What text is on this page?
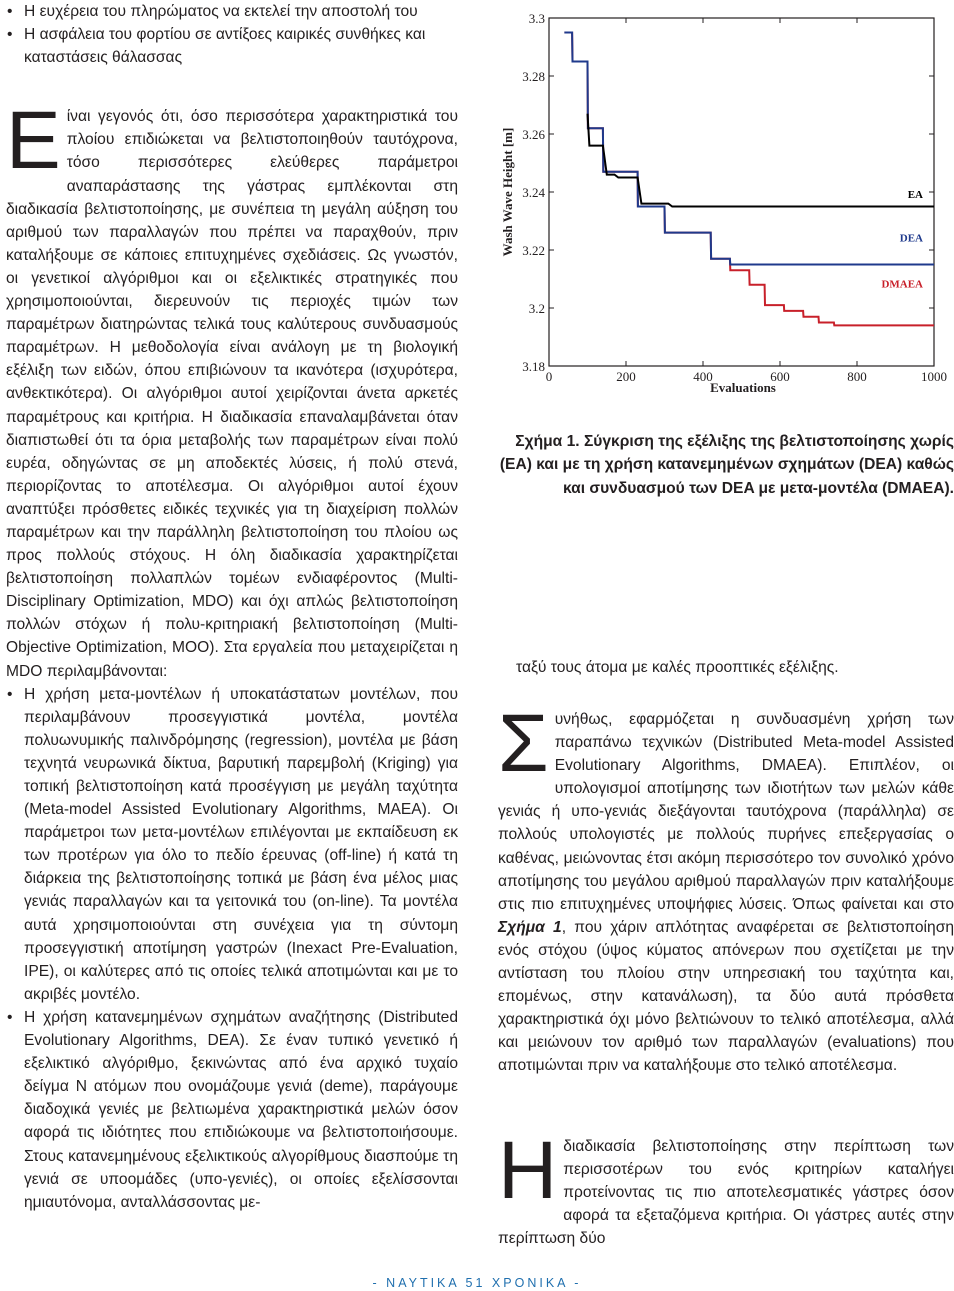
• Η ευχέρεια του πληρώματος να εκτελεί την αποστολή του
• Η ασφάλεια του φορτίου σε αντίξοες καιρικές συνθήκες και καταστάσεις θάλασσας

Είναι γεγονός ότι, όσο περισσότερα χαρακτηριστικά του πλοίου επιδιώκεται να βελτιστοποιηθούν ταυτόχρονα, τόσο περισσότερες ελεύθερες παράμετροι αναπαράστασης της γάστρας εμπλέκονται στη διαδικασία βελτιστοποίησης, με συνέπεια τη μεγάλη αύξηση του αριθμού των παραλλαγών που πρέπει να παραχθούν, πριν καταλήξουμε σε κάποιες επιτυχημένες σχεδιάσεις. Ως γνωστόν, οι γενετικοί αλγόριθμοι και οι εξελικτικές στρατηγικές που χρησιμοποιούνται, διερευνούν τις περιοχές τιμών των παραμέτρων διατηρώντας τελικά τους καλύτερους συνδυασμούς παραμέτρων. Η μεθοδολογία είναι ανάλογη με τη βιολογική εξέλιξη των ειδών, όπου επιβιώνουν τα ικανότερα (ισχυρότερα, ανθεκτικότερα). Οι αλγόριθμοι αυτοί χειρίζονται άνετα αρκετές παραμέτρους και κριτήρια. Η διαδικασία επαναλαμβάνεται όταν διαπιστωθεί ότι τα όρια μεταβολής των παραμέτρων είναι πολύ ευρέα, οδηγώντας σε μη αποδεκτές λύσεις, ή πολύ στενά, περιορίζοντας το αποτέλεσμα. Οι αλγόριθμοι αυτοί έχουν αναπτύξει πρόσθετες ειδικές τεχνικές για τη διαχείριση πολλών παραμέτρων και την παράλληλη βελτιστοποίηση του πλοίου ως προς πολλούς στόχους. Η όλη διαδικασία χαρακτηρίζεται βελτιστοποίηση πολλαπλών τομέων ενδιαφέροντος (Multi-Disciplinary Optimization, MDO) και όχι απλώς βελτιστοποίηση πολλών στόχων ή πολυ-κριτηριακή βελτιστοποίηση (Multi-Objective Optimization, MOO). Στα εργαλεία που μεταχειρίζεται η MDO περιλαμβάνονται:

• Η χρήση μετα-μοντέλων ή υποκατάστατων μοντέλων, που περιλαμβάνουν προσεγγιστικά μοντέλα, μοντέλα πολυωνυμικής παλινδρόμησης (regression), μοντέλα με βάση τεχνητά νευρωνικά δίκτυα, βαρυτική παρεμβολή (Kriging) για τοπική βελτιστοποίηση κατά προσέγγιση με μεγάλη ταχύτητα (Meta-model Assisted Evolutionary Algorithms, MAEA). Οι παράμετροι των μετα-μοντέλων επιλέγονται με εκπαίδευση εκ των προτέρων για όλο το πεδίο έρευνας (off-line) ή κατά τη διάρκεια της βελτιστοποίησης τοπικά με βάση ένα μέλος μιας γενιάς παραλλαγών και τα γειτονικά του (on-line). Τα μοντέλα αυτά χρησιμοποιούνται στη συνέχεια για τη σύντομη προσεγγιστική αποτίμηση γαστρών (Inexact Pre-Evaluation, IPE), οι καλύτερες από τις οποίες τελικά αποτιμώνται και με το ακριβές μοντέλο.
• Η χρήση κατανεμημένων σχημάτων αναζήτησης (Distributed Evolutionary Algorithms, DEA). Σε έναν τυπικό γενετικό ή εξελικτικό αλγόριθμο, ξεκινώντας από ένα αρχικό τυχαίο δείγμα Ν ατόμων που ονομάζουμε γενιά (deme), παράγουμε διαδοχικά γενιές με βελτιωμένα χαρακτηριστικά μελών όσον αφορά τις ιδιότητες που επιδιώκουμε να βελτιστοποιήσουμε. Στους κατανεμημένους εξελικτικούς αλγορίθμους διασπούμε τη γενιά σε υποομάδες (υπο-γενιές), οι οποίες εξελίσσονται ημιαυτόνομα, ανταλλάσσοντας με-
3.18
3.2
3.22
3.24
3.26
3.28
3.3
0	200	400	600	800	1000
EA
DEA
DMAEA
Wash Wave Height [m]
Evaluations
Σχήμα 1. Σύγκριση της εξέλιξης της βελτιστοποίησης χωρίς (EA) και με τη χρήση κατανεμημένων σχημάτων (DEA) καθώς και συνδυασμού των DEA με μετα-μοντέλα (DMAEA).
ταξύ τους άτομα με καλές προοπτικές εξέλιξης.
Συνήθως, εφαρμόζεται η συνδυασμένη χρήση των παραπάνω τεχνικών (Distributed Meta-model Assisted Evolutionary Algorithms, DMAEA). Επιπλέον, οι υπολογισμοί αποτίμησης των ιδιοτήτων των μελών κάθε γενιάς ή υπο-γενιάς διεξάγονται ταυτόχρονα (παράλληλα) σε πολλούς υπολογιστές με πολλούς πυρήνες επεξεργασίας ο καθένας, μειώνοντας έτσι ακόμη περισσότερο τον συνολικό χρόνο αποτίμησης του μεγάλου αριθμού παραλλαγών πριν καταλήξουμε στις πιο επιτυχημένες υποψήφιες λύσεις. Όπως φαίνεται και στο Σχήμα 1, που χάριν απλότητας αναφέρεται σε βελτιστοποίηση ενός στόχου (ύψος κύματος απόνερων που σχετίζεται με την αντίσταση του πλοίου στην υπηρεσιακή του ταχύτητα και, επομένως, στην κατανάλωση), τα δύο αυτά πρόσθετα χαρακτηριστικά όχι μόνο βελτιώνουν το τελικό αποτέλεσμα, αλλά και μειώνουν τον αριθμό των παραλλαγών (evaluations) που αποτιμώνται πριν να καταλήξουμε στο τελικό αποτέλεσμα.
Η διαδικασία βελτιστοποίησης στην περίπτωση των περισσοτέρων του ενός κριτηρίων καταλήγει προτείνοντας τις πιο αποτελεσματικές γάστρες όσον αφορά τα εξεταζόμενα κριτήρια. Οι γάστρες αυτές στην περίπτωση δύο
- ΝΑΥΤΙΚΑ 51 ΧΡΟΝΙΚΑ -
